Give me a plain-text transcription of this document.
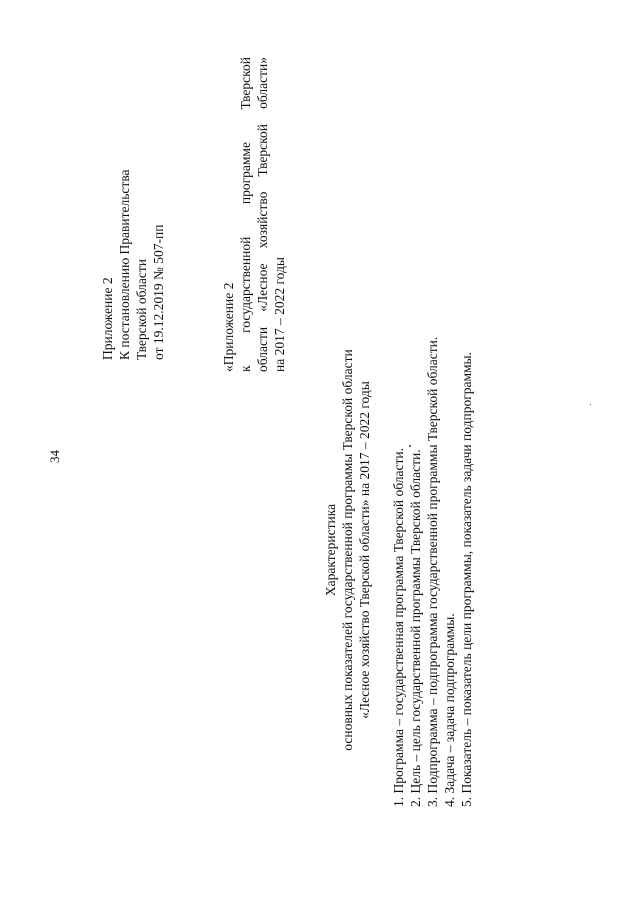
34
Приложение 2 К постановлению Правительства Тверской области от 19.12.2019 № 507-пп	«Приложение 2 к
государственной
программе
Тверской
области
«Лесное
хозяйство
Тверской
области»
на 2017 – 2022 годы
Характеристика основных показателей государственной программы Тверской области «Лесное хозяйство Тверской области» на 2017 – 2022 годы 1. Программа – государственная программа Тверской области. 2. Цель – цель государственной программы Тверской области. 3. Подпрограмма – подпрограмма государственной программы Тверской области. 4. Задача – задача подпрограммы. 5. Показатель – показатель цели программы, показатель задачи подпрограммы.
